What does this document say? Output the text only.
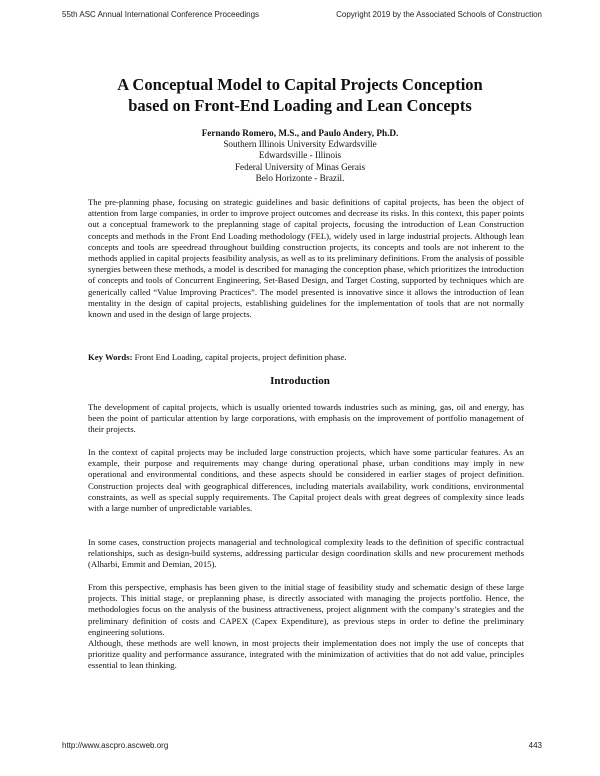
55th ASC Annual International Conference Proceedings	Copyright 2019 by the Associated Schools of Construction
A Conceptual Model to Capital Projects Conception
based on Front-End Loading and Lean Concepts
Fernando Romero, M.S., and Paulo Andery, Ph.D.
Southern Illinois University Edwardsville
Edwardsville - Illinois
Federal University of Minas Gerais
Belo Horizonte - Brazil.

The pre-planning phase, focusing on strategic guidelines and basic definitions of capital projects, has been the object of attention from large companies, in order to improve project outcomes and decrease its risks. In this context, this paper points out a conceptual framework to the preplanning stage of capital projects, focusing the introduction of Lean Construction concepts and methods in the Front End Loading methodology (FEL), widely used in large industrial projects. Although lean concepts and tools are speedread throughout building construction projects, its concepts and tools are not inherent to the methods applied in capital projects feasibility analysis, as well as to its preliminary definitions. From the analysis of possible synergies between these methods, a model is described for managing the conception phase, which prioritizes the introduction of concepts and tools of Concurrent Engineering, Set-Based Design, and Target Costing, supported by techniques which are generically called “Value Improving Practices”. The model presented is innovative since it allows the introduction of lean mentality in the design of capital projects, establishing guidelines for the implementation of tools that are not normally known and used in the design of large projects.

Key Words: Front End Loading, capital projects, project definition phase.

Introduction

The development of capital projects, which is usually oriented towards industries such as mining, gas, oil and energy, has been the point of particular attention by large corporations, with emphasis on the improvement of portfolio management of their projects.

In the context of capital projects may be included large construction projects, which have some particular features. As an example, their purpose and requirements may change during operational phase, urban conditions may imply in new operational and environmental conditions, and these aspects should be considered in earlier stages of project definition. Construction projects deal with geographical differences, including materials availability, work conditions, environmental constraints, as well as special supply requirements. The Capital project deals with great degrees of complexity since leads with a large number of unpredictable variables.

In some cases, construction projects managerial and technological complexity leads to the definition of specific contractual relationships, such as design-build systems, addressing particular design coordination skills and new procurement methods (Alharbi, Emmit and Demian, 2015).

From this perspective, emphasis has been given to the initial stage of feasibility study and schematic design of these large projects. This initial stage, or preplanning phase, is directly associated with managing the projects portfolio. Hence, the methodologies focus on the analysis of the business attractiveness, project alignment with the company’s strategies and the preliminary definition of costs and CAPEX (Capex Expenditure), as previous steps in order to define the preliminary engineering solutions.

Although, these methods are well known, in most projects their implementation does not imply the use of concepts that prioritize quality and performance assurance, integrated with the minimization of activities that do not add value, principles essential to lean thinking.

http://www.ascpro.ascweb.org	443
